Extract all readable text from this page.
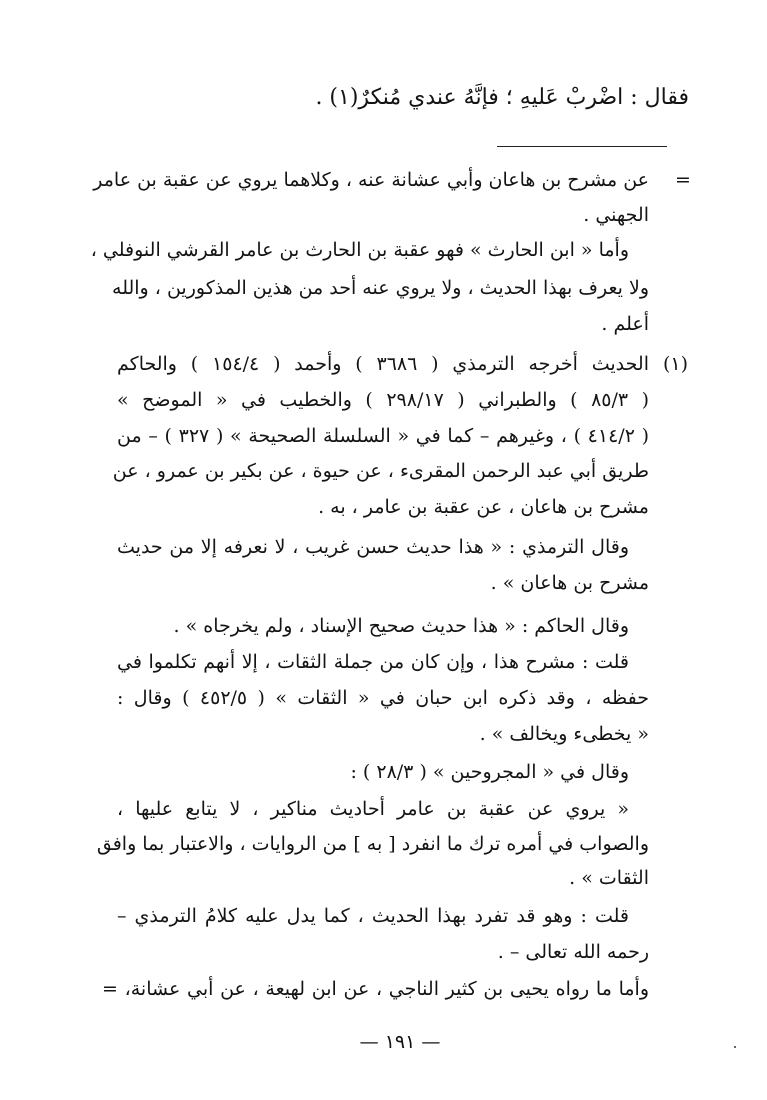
فقال : اضْربْ عَليهِ ؛ فإنَّهُ عندي مُنكرٌ(١) .
=
عن مشرح بن هاعان وأبي عشانة عنه ، وكلاهما يروي عن عقبة بن عامر
الجهني .
وأما « ابن الحارث » فهو عقبة بن الحارث بن عامر القرشي النوفلي ،
ولا يعرف بهذا الحديث ، ولا يروي عنه أحد من هذين المذكورين ، والله
أعلم .
(١)
الحديث أخرجه الترمذي ( ٣٦٨٦ ) وأحمد ( ١٥٤/٤ ) والحاكم
( ٨٥/٣ ) والطبراني ( ٢٩٨/١٧ ) والخطيب في « الموضح »
( ٤١٤/٢ ) ، وغيرهم – كما في « السلسلة الصحيحة » ( ٣٢٧ ) – من
طريق أبي عبد الرحمن المقرىء ، عن حيوة ، عن بكير بن عمرو ، عن
مشرح بن هاعان ، عن عقبة بن عامر ، به .
وقال الترمذي : « هذا حديث حسن غريب ، لا نعرفه إلا من حديث
مشرح بن هاعان » .
وقال الحاكم : « هذا حديث صحيح الإسناد ، ولم يخرجاه » .
قلت : مشرح هذا ، وإن كان من جملة الثقات ، إلا أنهم تكلموا في
حفظه ، وقد ذكره ابن حبان في « الثقات » ( ٤٥٢/٥ ) وقال :
« يخطىء ويخالف » .
وقال في « المجروحين » ( ٢٨/٣ ) :
« يروي عن عقبة بن عامر أحاديث مناكير ، لا يتابع عليها ،
والصواب في أمره ترك ما انفرد [ به ] من الروايات ، والاعتبار بما وافق
الثقات » .
قلت : وهو قد تفرد بهذا الحديث ، كما يدل عليه كلامُ الترمذي –
رحمه الله تعالى – .
وأما ما رواه يحيى بن كثير الناجي ، عن ابن لهيعة ، عن أبي عشانة، =
— ١٩١ —
